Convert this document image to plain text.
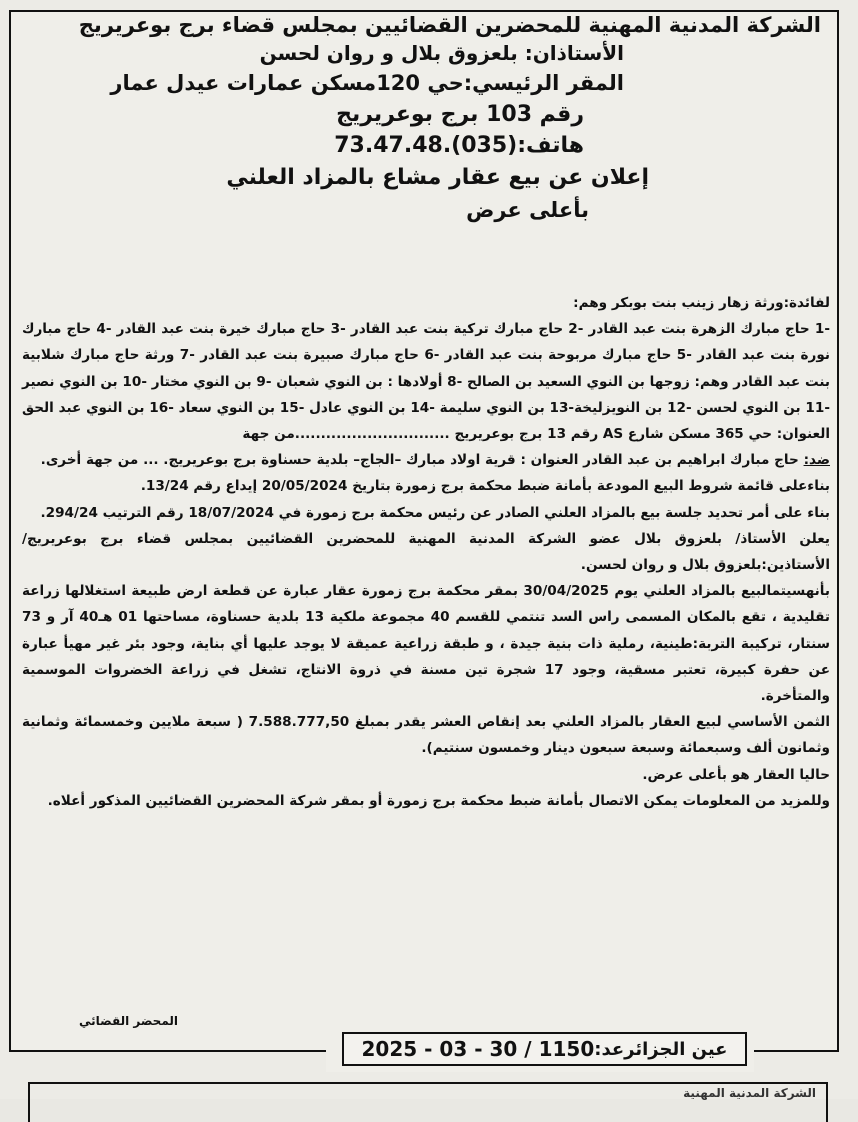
الشركة المدنية المهنية للمحضرين القضائيين بمجلس قضاء برج بوعريريج

الأستاذان: بلعزوق بلال و روان لحسن

المقر الرئيسي:حي 120مسكن عمارات عيدل عمار

رقم 103 برج بوعريريج

هاتف:(035).73.47.48

إعلان عن بيع عقار مشاع بالمزاد العلني

بأعلى عرض

لفائدة:ورثة زهار زينب بنت بوبكر وهم:

-1 حاج مبارك الزهرة بنت عبد القادر -2 حاج مبارك تركية بنت عبد القادر -3 حاج مبارك خيرة بنت عبد القادر -4 حاج مبارك نورة بنت عبد القادر -5 حاج مبارك مربوحة بنت عبد القادر -6 حاج مبارك صبيرة بنت عبد القادر -7 ورثة حاج مبارك شلابية بنت عبد القادر وهم: زوجها بن النوي السعيد بن الصالح -8 أولادها : بن النوي شعبان -9 بن النوي مختار -10 بن النوي نصير -11 بن النوي لحسن -12 بن النويزليخة-13 بن النوي سليمة -14 بن النوي عادل -15 بن النوي سعاد -16 بن النوي عبد الحق العنوان: حي 365 مسكن شارع AS رقم 13 برج بوعريريج ..............................من جهة

ضد: حاج مبارك ابراهيم بن عبد القادر العنوان : قرية اولاد مبارك –الجاج– بلدية حسناوة برج بوعريريج. ... من جهة أخرى.

بناءعلى قائمة شروط البيع المودعة بأمانة ضبط محكمة برج زمورة بتاريخ 20/05/2024 إيداع رقم 13/24.

بناء على أمر تحديد جلسة بيع بالمزاد العلني الصادر عن رئيس محكمة برج زمورة في 18/07/2024 رقم الترتيب 294/24.

يعلن الأستاذ/ بلعزوق بلال عضو الشركة المدنية المهنية للمحضرين القضائيين بمجلس قضاء برج بوعريريج/الأستاذين:بلعزوق بلال و روان لحسن.

بأنهسيتمالبيع بالمزاد العلني يوم 30/04/2025 بمقر محكمة برج زمورة عقار عبارة عن قطعة ارض طبيعة استغلالها زراعة تقليدية ، تقع بالمكان المسمى راس السد تنتمي للقسم 40 مجموعة ملكية 13 بلدية حسناوة، مساحتها 01 هـ40 آر و 73 سنتار، تركيبة التربة:طينية، رملية ذات بنية جيدة ، و طبقة زراعية عميقة لا يوجد عليها أي بناية، وجود بئر غير مهيأ عبارة عن حفرة كبيرة، تعتبر مسقية، وجود 17 شجرة تين مسنة في ذروة الانتاج، تشغل في زراعة الخضروات الموسمية والمتأخرة.

الثمن الأساسي لبيع العقار بالمزاد العلني بعد إنقاص العشر يقدر بمبلغ 7.588.777,50 ( سبعة ملايين وخمسمائة وثمانية وثمانون ألف وسبعمائة وسبعة سبعون دينار وخمسون سنتيم).

حاليا العقار هو بأعلى عرض.

وللمزيد من المعلومات يمكن الاتصال بأمانة ضبط محكمة برج زمورة أو بمقر شركة المحضرين القضائيين المذكور أعلاه.

المحضر القضائي
عين الجزائرعد:
1150 / 30 - 03 - 2025
الشركة المدنية المهنية
